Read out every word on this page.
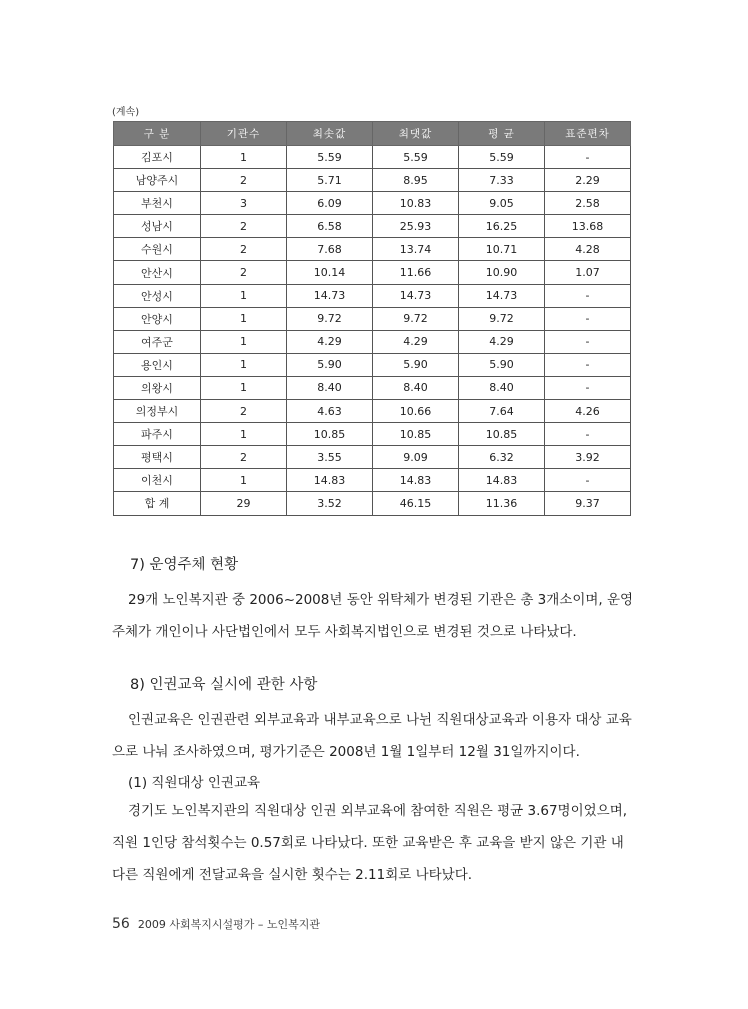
(계속)
구 분	기관수	최솟값	최댓값	평 균	표준편차
김포시	1	5.59	5.59	5.59	-
남양주시	2	5.71	8.95	7.33	2.29
부천시	3	6.09	10.83	9.05	2.58
성남시	2	6.58	25.93	16.25	13.68
수원시	2	7.68	13.74	10.71	4.28
안산시	2	10.14	11.66	10.90	1.07
안성시	1	14.73	14.73	14.73	-
안양시	1	9.72	9.72	9.72	-
여주군	1	4.29	4.29	4.29	-
용인시	1	5.90	5.90	5.90	-
의왕시	1	8.40	8.40	8.40	-
의정부시	2	4.63	10.66	7.64	4.26
파주시	1	10.85	10.85	10.85	-
평택시	2	3.55	9.09	6.32	3.92
이천시	1	14.83	14.83	14.83	-
합 계	29	3.52	46.15	11.36	9.37
7) 운영주체 현황

29개 노인복지관 중 2006~2008년 동안 위탁체가 변경된 기관은 총 3개소이며, 운영주체가 개인이나 사단법인에서 모두 사회복지법인으로 변경된 것으로 나타났다.

8) 인권교육 실시에 관한 사항

인권교육은 인권관련 외부교육과 내부교육으로 나뉜 직원대상교육과 이용자 대상 교육으로 나눠 조사하였으며, 평가기준은 2008년 1월 1일부터 12월 31일까지이다.

(1) 직원대상 인권교육

경기도 노인복지관의 직원대상 인권 외부교육에 참여한 직원은 평균 3.67명이었으며, 직원 1인당 참석횟수는 0.57회로 나타났다. 또한 교육받은 후 교육을 받지 않은 기관 내 다른 직원에게 전달교육을 실시한 횟수는 2.11회로 나타났다.

56 2009 사회복지시설평가 – 노인복지관
